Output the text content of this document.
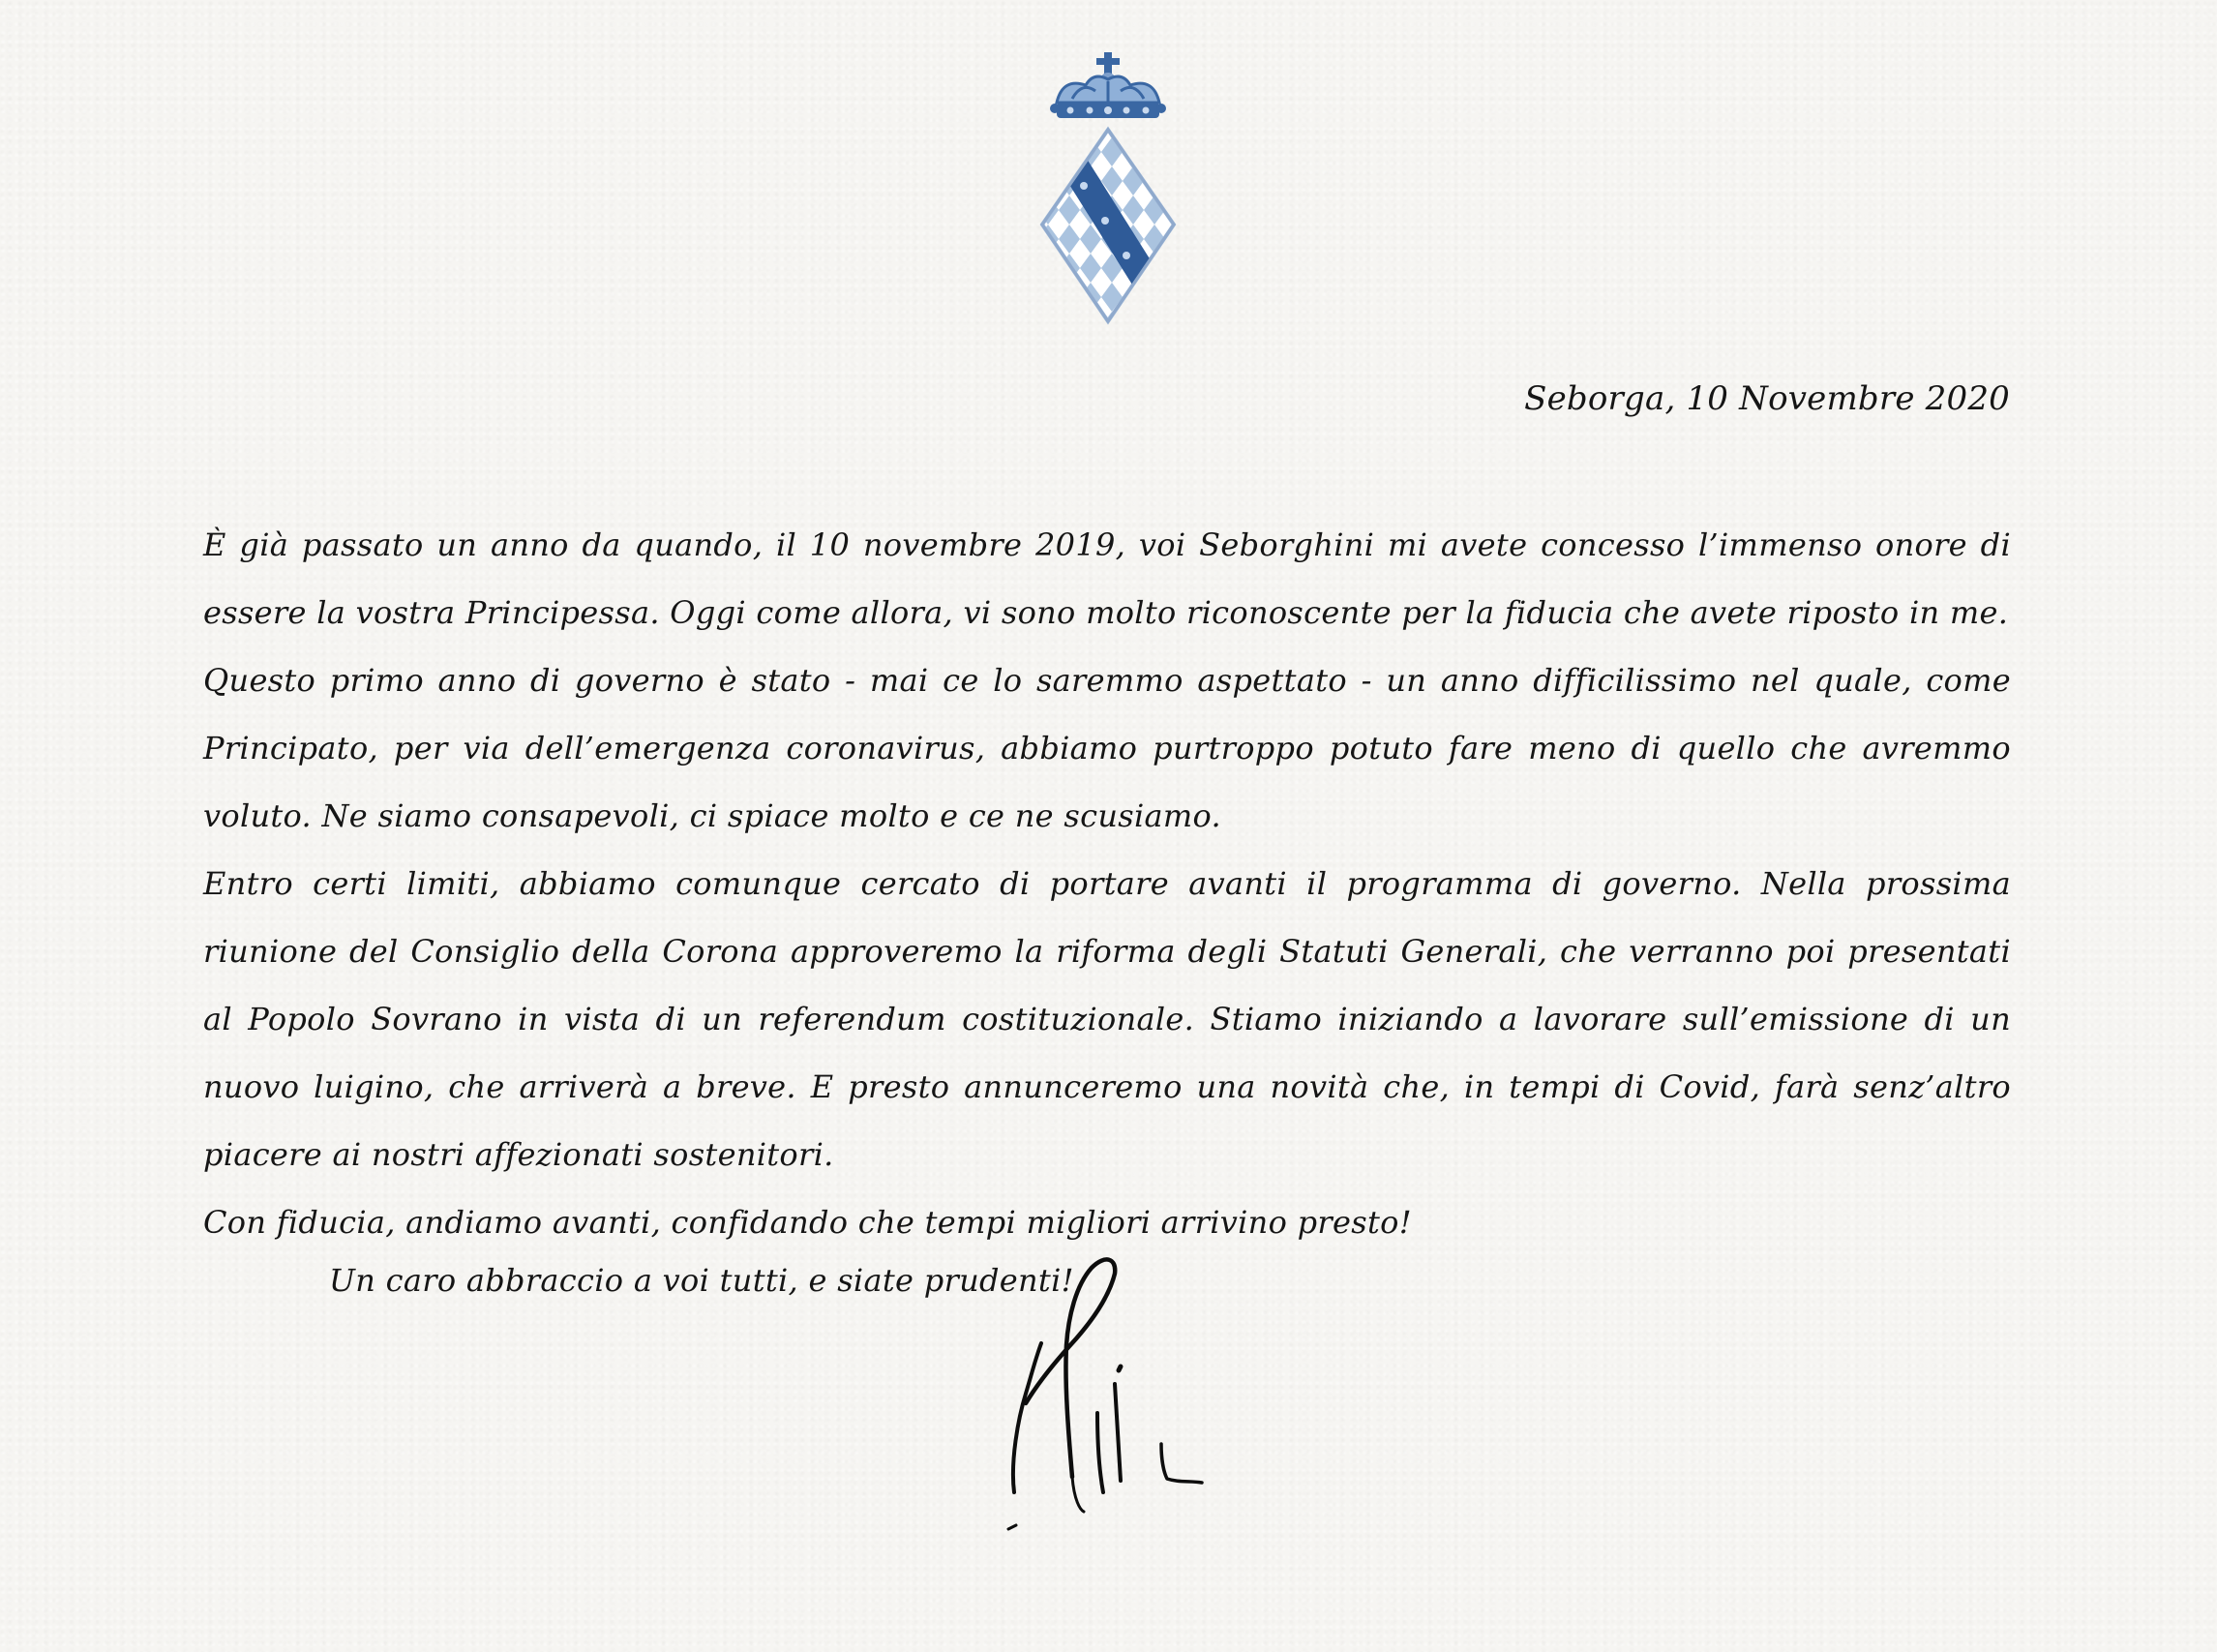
Seborga, 10 Novembre 2020

È già passato un anno da quando, il 10 novembre 2019, voi Seborghini mi avete concesso l’immenso onore di essere la vostra Principessa. Oggi come allora, vi sono molto riconoscente per la fiducia che avete riposto in me.

Questo primo anno di governo è stato - mai ce lo saremmo aspettato - un anno difficilissimo nel quale, come Principato, per via dell’emergenza coronavirus, abbiamo purtroppo potuto fare meno di quello che avremmo voluto. Ne siamo consapevoli, ci spiace molto e ce ne scusiamo.

Entro certi limiti, abbiamo comunque cercato di portare avanti il programma di governo. Nella prossima riunione del Consiglio della Corona approveremo la riforma degli Statuti Generali, che verranno poi presentati al Popolo Sovrano in vista di un referendum costituzionale. Stiamo iniziando a lavorare sull’emissione di un nuovo luigino, che arriverà a breve. E presto annunceremo una novità che, in tempi di Covid, farà senz’altro piacere ai nostri affezionati sostenitori.

Con fiducia, andiamo avanti, confidando che tempi migliori arrivino presto!

Un caro abbraccio a voi tutti, e siate prudenti!
